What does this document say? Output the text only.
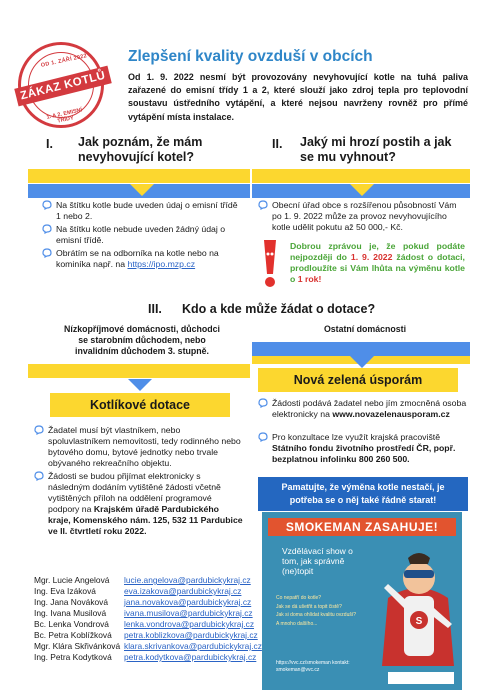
OD 1. ZÁŘÍ 2022
ZÁKAZ KOTLŮ
1. A 2. EMISNÍ TŘÍDY
Zlepšení kvality ovzduší v obcích
Od 1. 9. 2022 nesmí být provozovány nevyhovující kotle na tuhá paliva zařazené do emisní třídy 1 a 2, které slouží jako zdroj tepla pro teplovodní soustavu ústředního vytápění, a které nejsou navrženy rovněž pro přímé vytápění místa instalace.
I. Jak poznám, že mám nevyhovující kotel?
Na štítku kotle bude uveden údaj o emisní třídě 1 nebo 2.
Na štítku kotle nebude uveden žádný údaj o emisní třídě.
Obrátím se na odborníka na kotle nebo na kominíka např. na https://ipo.mzp.cz
II. Jaký mi hrozí postih a jak se mu vyhnout?
Obecní úřad obce s rozšířenou působností Vám po 1. 9. 2022 může za provoz nevyhovujícího kotle udělit pokutu až 50 000,- Kč.
Dobrou zprávou je, že pokud podáte nejpozději do 1. 9. 2022 žádost o dotaci, prodloužíte si Vám lhůta na výměnu kotle o 1 rok!
III. Kdo a kde může žádat o dotace?
Nízkopříjmové domácnosti, důchodci se starobním důchodem, nebo invalidním důchodem 3. stupně.
Ostatní domácnosti
Kotlíkové dotace
Nová zelená úsporám
Žadatel musí být vlastníkem, nebo spoluvlastníkem nemovitosti, tedy rodinného nebo bytového domu, bytové jednotky nebo trvale obývaného rekreačního objektu.
Žádosti se budou přijímat elektronicky s následným dodáním vytištěné žádosti včetně vytištěných příloh na oddělení programové podpory na Krajském úřadě Pardubického kraje, Komenského nám. 125, 532 11 Pardubice ve II. čtvrtletí roku 2022.
Žádosti podává žadatel nebo jím zmocněná osoba elektronicky na www.novazelenausporam.cz
Pro konzultace lze využít krajská pracoviště Státního fondu životního prostředí ČR, popř. bezplatnou infolinku 800 260 500.
Pamatujte, že výměna kotle nestačí, je potřeba se o něj také řádně starat!
Mgr. Lucie Angelová	lucie.angelova@pardubickykraj.cz
Ing. Eva Izáková	eva.izakova@pardubickykraj.cz
Ing. Jana Nováková	jana.novakova@pardubickykraj.cz
Ing. Ivana Musilová	ivana.musilova@pardubickykraj.cz
Bc. Lenka Vondrová	lenka.vondrova@pardubickykraj.cz
Bc. Petra Koblížková	petra.koblizkova@pardubickykraj.cz
Mgr. Klára Skřivánková klara.skrivankova@pardubickykraj.cz
Ing. Petra Kodytková	petra.kodytkova@pardubickykraj.cz
SMOKEMAN ZASAHUJE!
Vzdělávací show o tom, jak správně (ne)topit
Co nepatří do kotle?
Jak se dá ušetřit a topit čistě?
Jak si doma ohlídat kvalitu ovzduší?
A mnoho dalšího...	S
https://vvc.cz/smokeman kontakt: smokeman@vvc.cz
